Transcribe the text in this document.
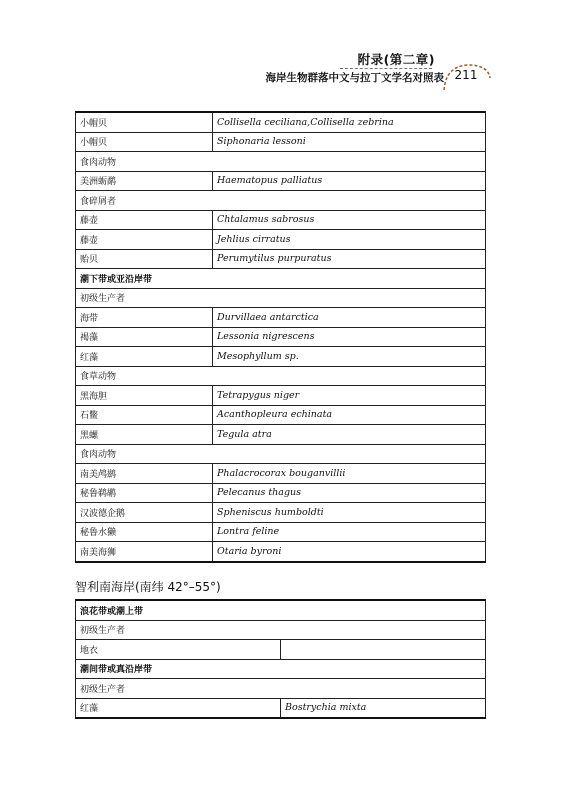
附录(第二章)
海岸生物群落中文与拉丁文学名对照表 211
小帽贝	Collisella ceciliana,Collisella zebrina
小帽贝	Siphonaria lessoni
食肉动物	
美洲蛎鹬	Haematopus palliatus
食碎屑者	
藤壶	Chtalamus sabrosus
藤壶	Jehlius cirratus
贻贝	Perumytilus purpuratus
潮下带或亚沿岸带	
初级生产者	
海带	Durvillaea antarctica
褐藻	Lessonia nigrescens
红藻	Mesophyllum sp.
食草动物	
黑海胆	Tetrapygus niger
石鳖	Acanthopleura echinata
黑螺	Tegula atra
食肉动物	
南美鸬鹚	Phalacrocorax bouganvillii
秘鲁鹈鹕	Pelecanus thagus
汉波德企鹅	Spheniscus humboldti
秘鲁水獭	Lontra feline
南美海狮	Otaria byroni
智利南海岸(南纬 42°–55°)
浪花带或潮上带	
初级生产者	
地衣	
潮间带或真沿岸带	
初级生产者	
红藻	Bostrychia mixta
